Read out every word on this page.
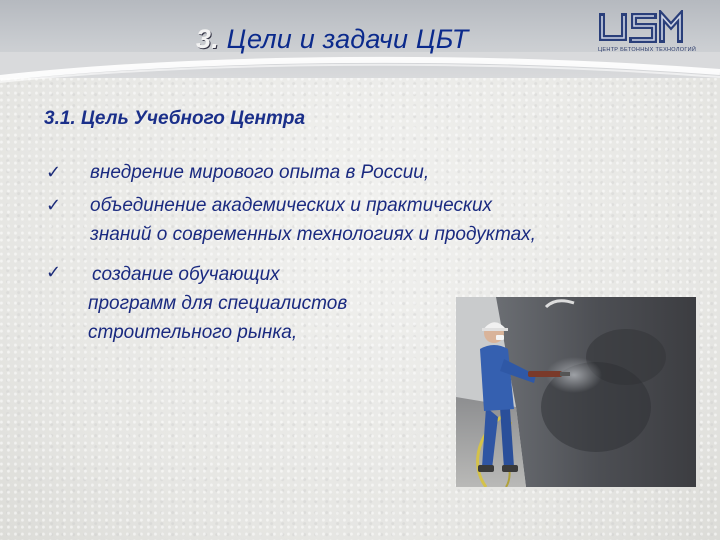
3. Цели и задачи ЦБТ	ЦЕНТР БЕТОННЫХ ТЕХНОЛОГИЙ
3.1. Цель Учебного Центра
✓ внедрение мирового опыта в России,
✓ объединение академических и практических
знаний о современных технологиях и продуктах,
✓ создание обучающих
программ для специалистов
строительного рынка,
